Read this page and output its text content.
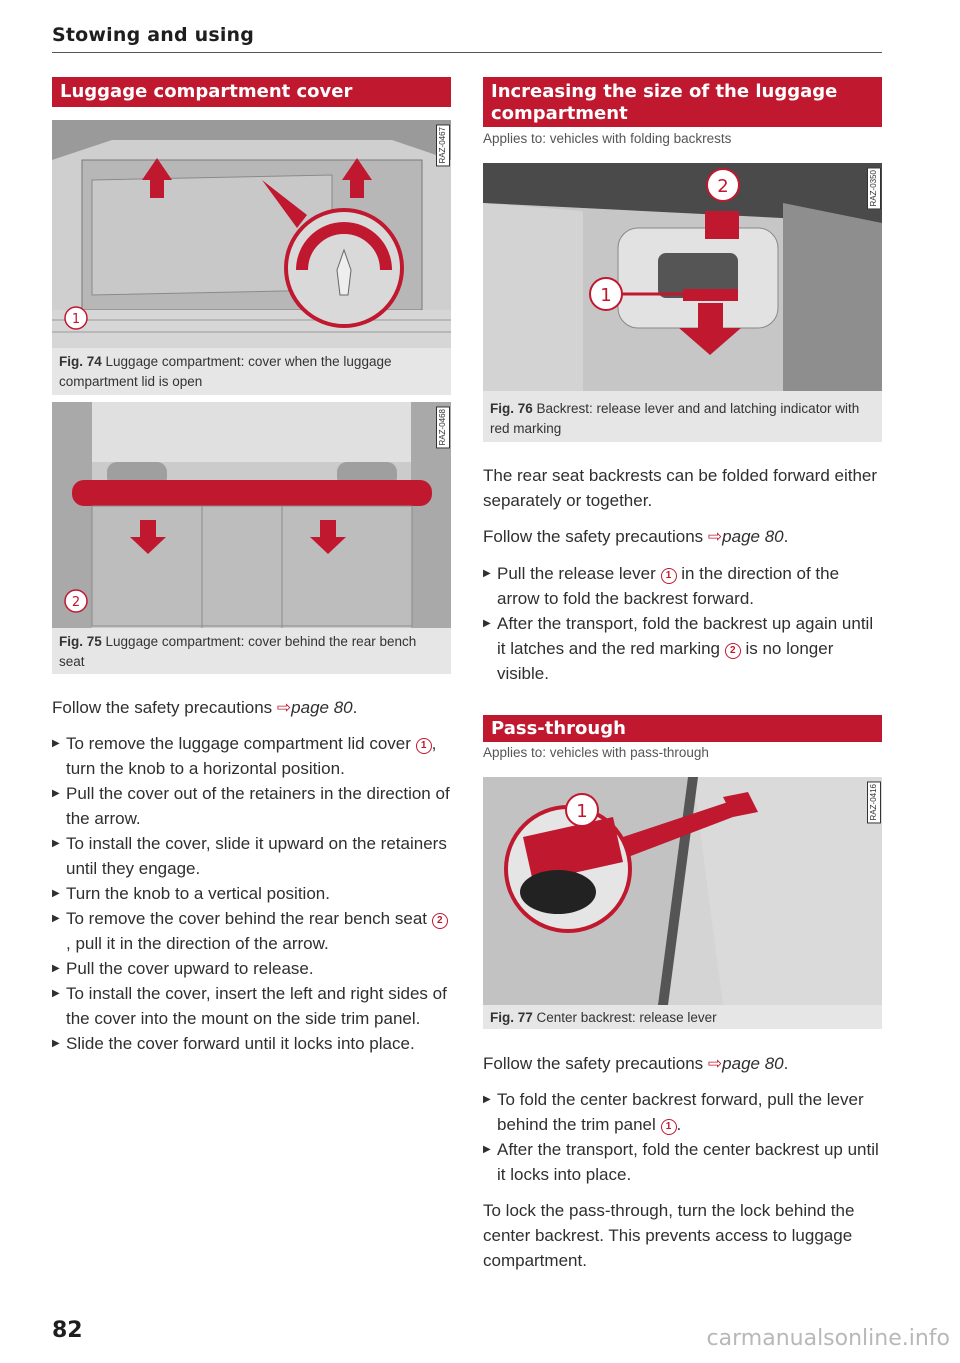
Stowing and using
Luggage compartment cover
1
RAZ-0467
Fig. 74 Luggage compartment: cover when the luggage compartment lid is open
2
RAZ-0468
Fig. 75 Luggage compartment: cover behind the rear bench seat
Follow the safety precautions ⇨page 80.
▶ To remove the luggage compartment lid cover 1 , turn the knob to a horizontal position.
▶ Pull the cover out of the retainers in the direction of the arrow.
▶ To install the cover, slide it upward on the retainers until they engage.
▶ Turn the knob to a vertical position.
▶ To remove the cover behind the rear bench seat 2, pull it in the direction of the arrow.
▶ Pull the cover upward to release.
▶ To install the cover, insert the left and right sides of the cover into the mount on the side trim panel.
▶ Slide the cover forward until it locks into place.
Increasing the size of the luggage compartment
Applies to: vehicles with folding backrests
2
1
RAZ-0350
Fig. 76 Backrest: release lever and and latching indicator with red marking
The rear seat backrests can be folded forward either separately or together.
Follow the safety precautions ⇨page 80.
▶ Pull the release lever 1 in the direction of the arrow to fold the backrest forward.
▶ After the transport, fold the backrest up again until it latches and the red marking 2 is no longer visible.
Pass-through
Applies to: vehicles with pass-through
1	RAZ-0416
Fig. 77 Center backrest: release lever
Follow the safety precautions ⇨page 80.
▶ To fold the center backrest forward, pull the lever behind the trim panel 1 .
▶ After the transport, fold the center backrest up until it locks into place.
To lock the pass-through, turn the lock behind the center backrest. This prevents access to luggage compartment.
82	carmanualsonline.info
